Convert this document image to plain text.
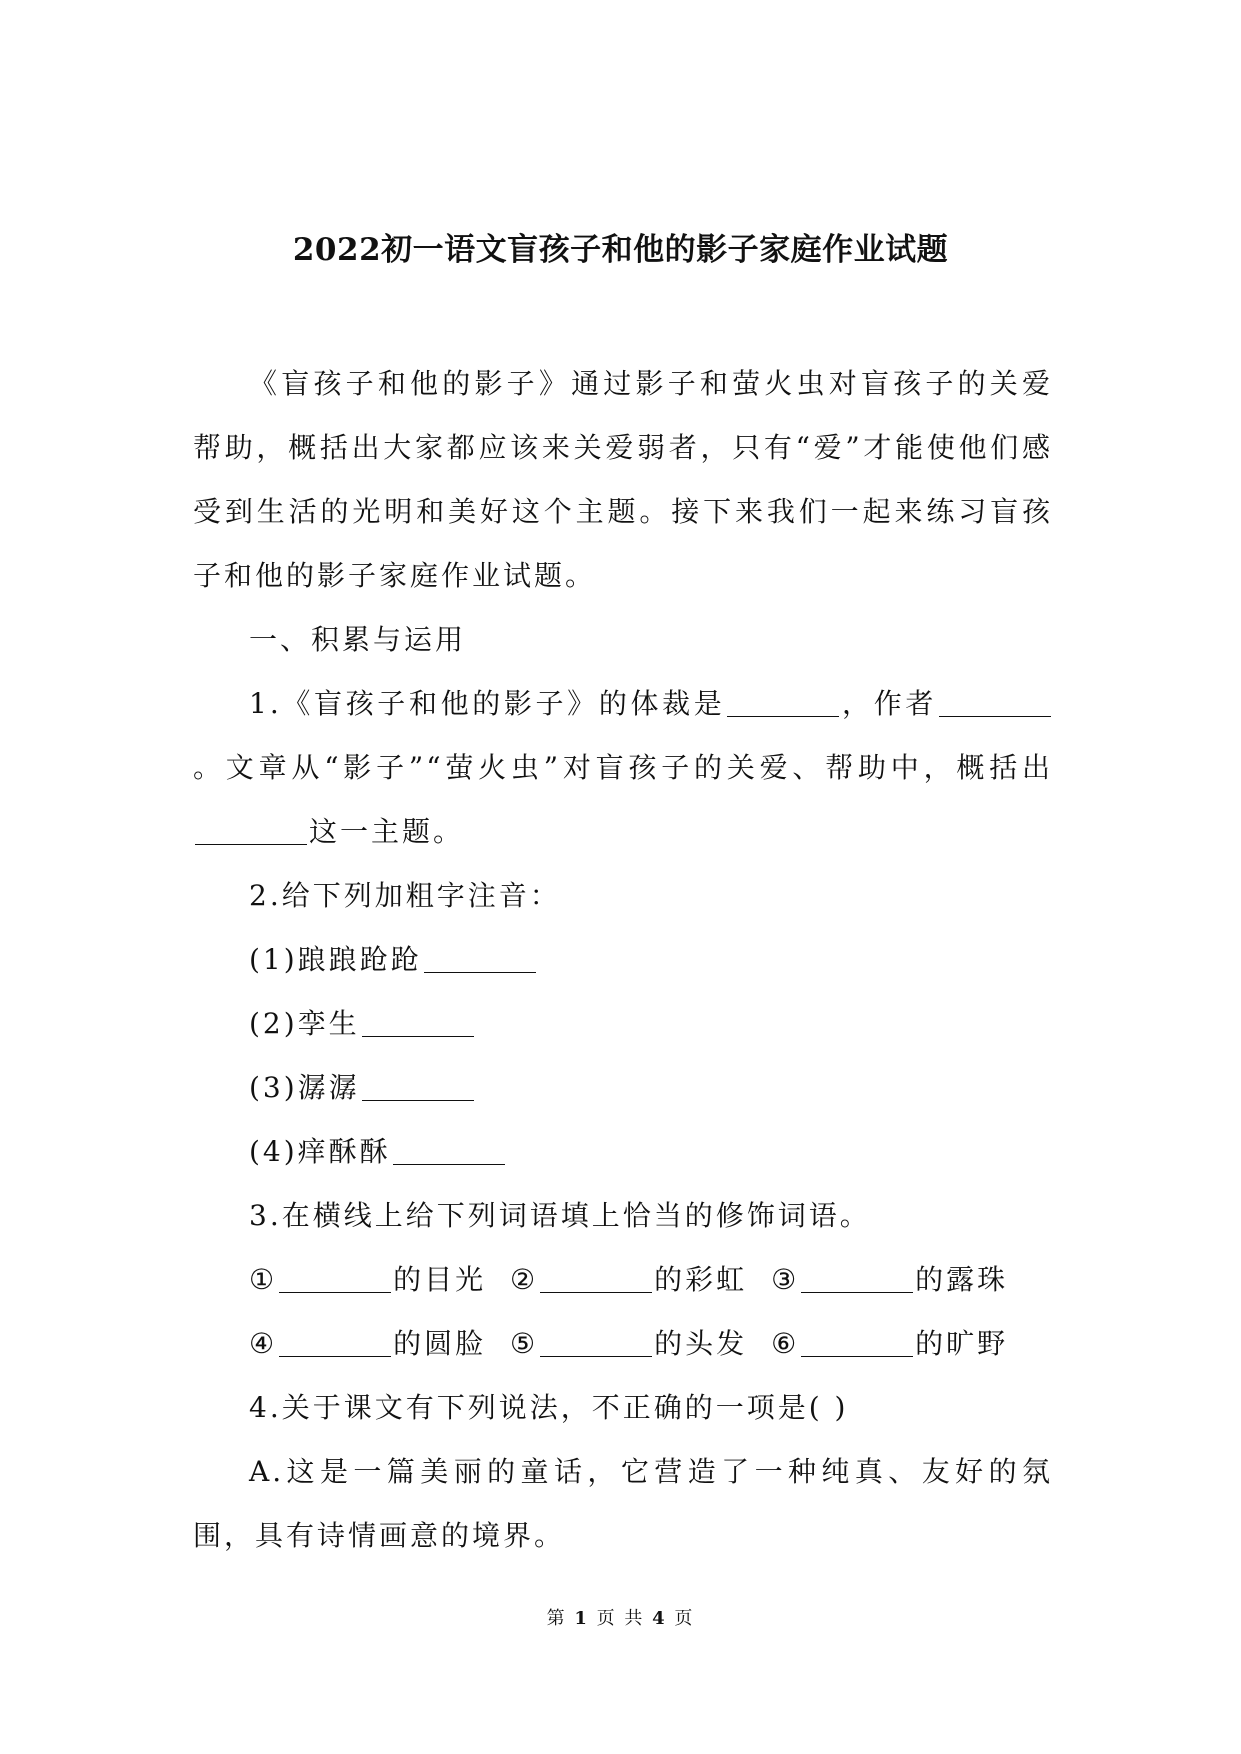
2022初一语文盲孩子和他的影子家庭作业试题

《盲孩子和他的影子》通过影子和萤火虫对盲孩子的关爱帮助，概括出大家都应该来关爱弱者，只有“爱”才能使他们感受到生活的光明和美好这个主题。接下来我们一起来练习盲孩子和他的影子家庭作业试题。

一、积累与运用

1.《盲孩子和他的影子》的体裁是	，作者。文章从“影子”“萤火虫”对盲孩子的关爱、帮助中，概括出这一主题。

2.给下列加粗字注音：

(1)踉踉跄跄

(2)孪生

(3)潺潺

(4)痒酥酥

3.在横线上给下列词语填上恰当的修饰词语。

①	的目光 ②	的彩虹 ③	的露珠

④	的圆脸 ⑤	的头发 ⑥	的旷野

4.关于课文有下列说法，不正确的一项是( )

A.这是一篇美丽的童话，它营造了一种纯真、友好的氛围，具有诗情画意的境界。

第 1 页 共 4 页
